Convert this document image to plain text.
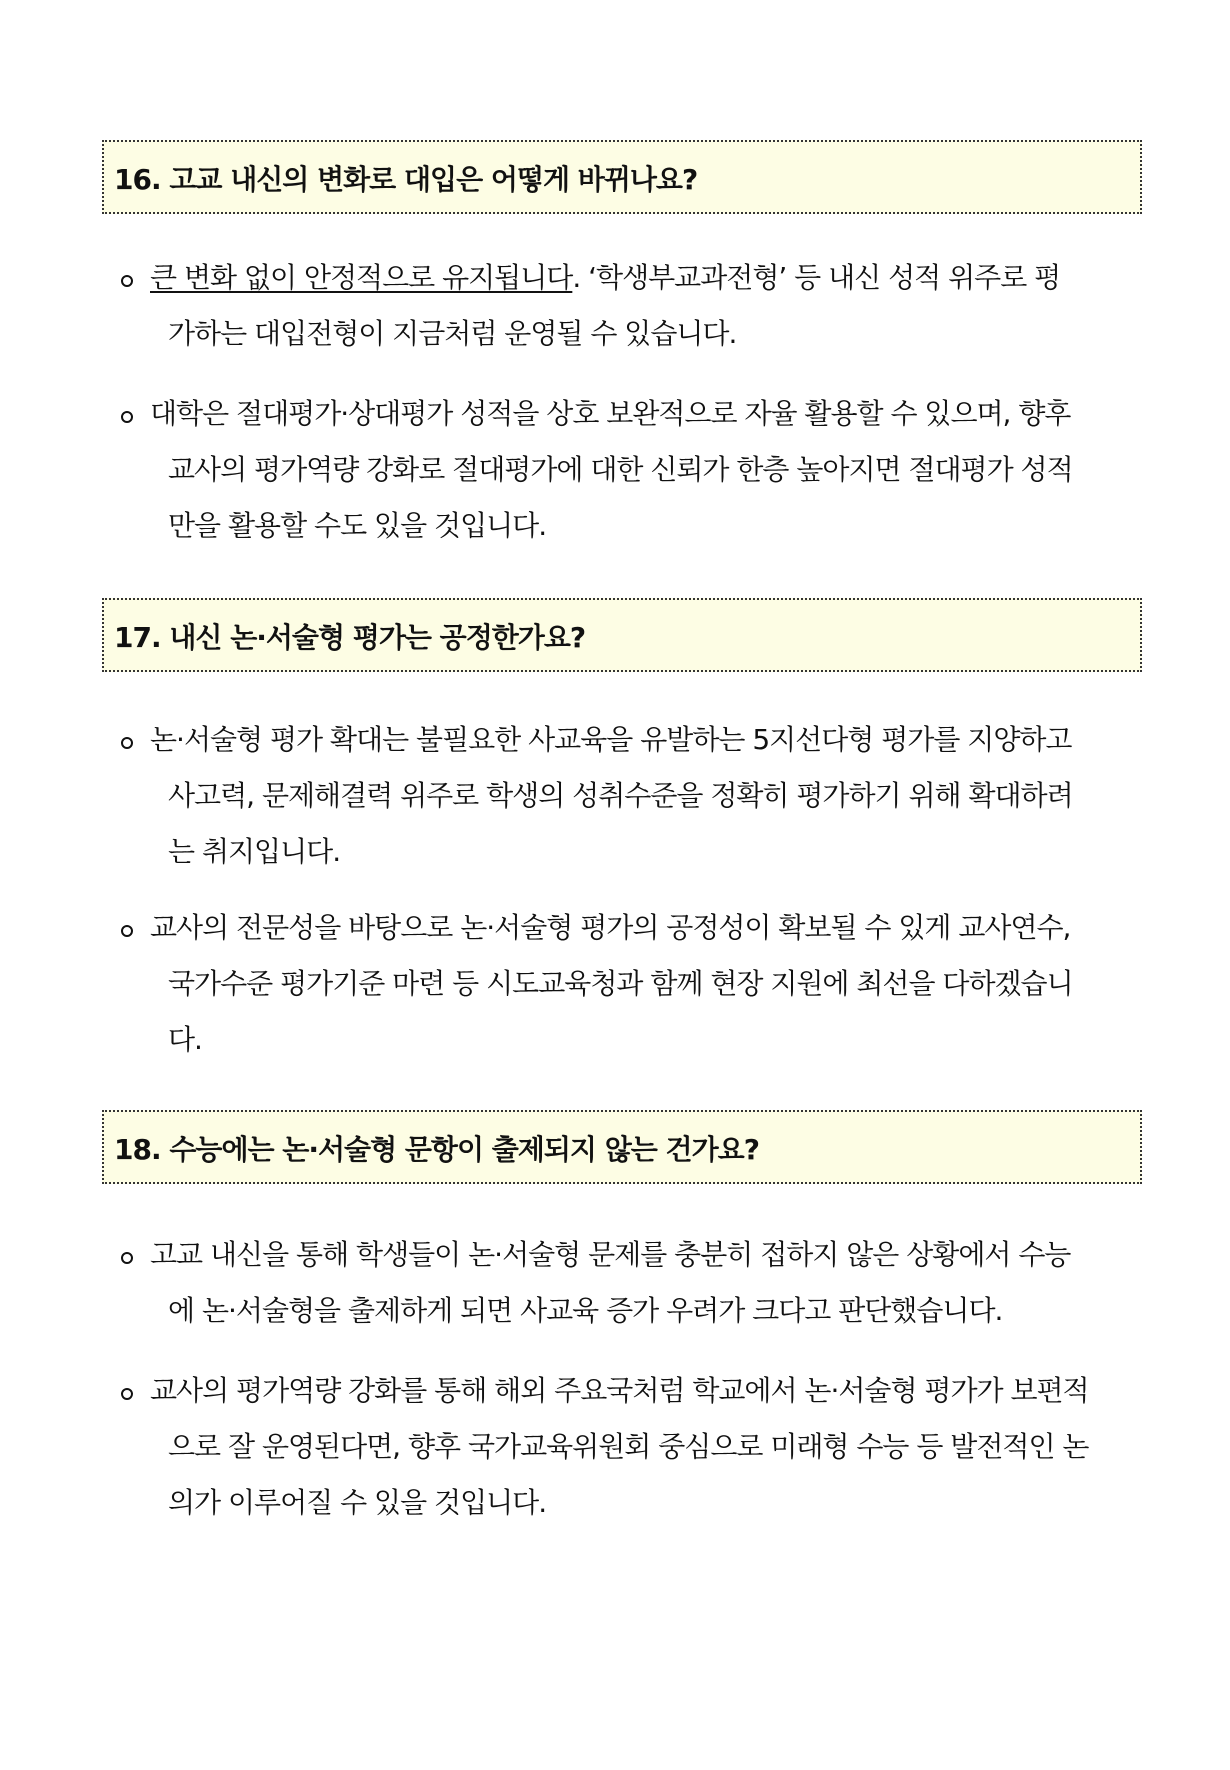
16. 고교 내신의 변화로 대입은 어떻게 바뀌나요?
큰 변화 없이 안정적으로 유지됩니다. ‘학생부교과전형’ 등 내신 성적 위주로 평
가하는 대입전형이 지금처럼 운영될 수 있습니다.
대학은 절대평가·상대평가 성적을 상호 보완적으로 자율 활용할 수 있으며, 향후
교사의 평가역량 강화로 절대평가에 대한 신뢰가 한층 높아지면 절대평가 성적
만을 활용할 수도 있을 것입니다.
17. 내신 논·서술형 평가는 공정한가요?
논·서술형 평가 확대는 불필요한 사교육을 유발하는 5지선다형 평가를 지양하고
사고력, 문제해결력 위주로 학생의 성취수준을 정확히 평가하기 위해 확대하려
는 취지입니다.
교사의 전문성을 바탕으로 논·서술형 평가의 공정성이 확보될 수 있게 교사연수,
국가수준 평가기준 마련 등 시도교육청과 함께 현장 지원에 최선을 다하겠습니
다.
18. 수능에는 논·서술형 문항이 출제되지 않는 건가요?
고교 내신을 통해 학생들이 논·서술형 문제를 충분히 접하지 않은 상황에서 수능
에 논·서술형을 출제하게 되면 사교육 증가 우려가 크다고 판단했습니다.
교사의 평가역량 강화를 통해 해외 주요국처럼 학교에서 논·서술형 평가가 보편적
으로 잘 운영된다면, 향후 국가교육위원회 중심으로 미래형 수능 등 발전적인 논
의가 이루어질 수 있을 것입니다.
